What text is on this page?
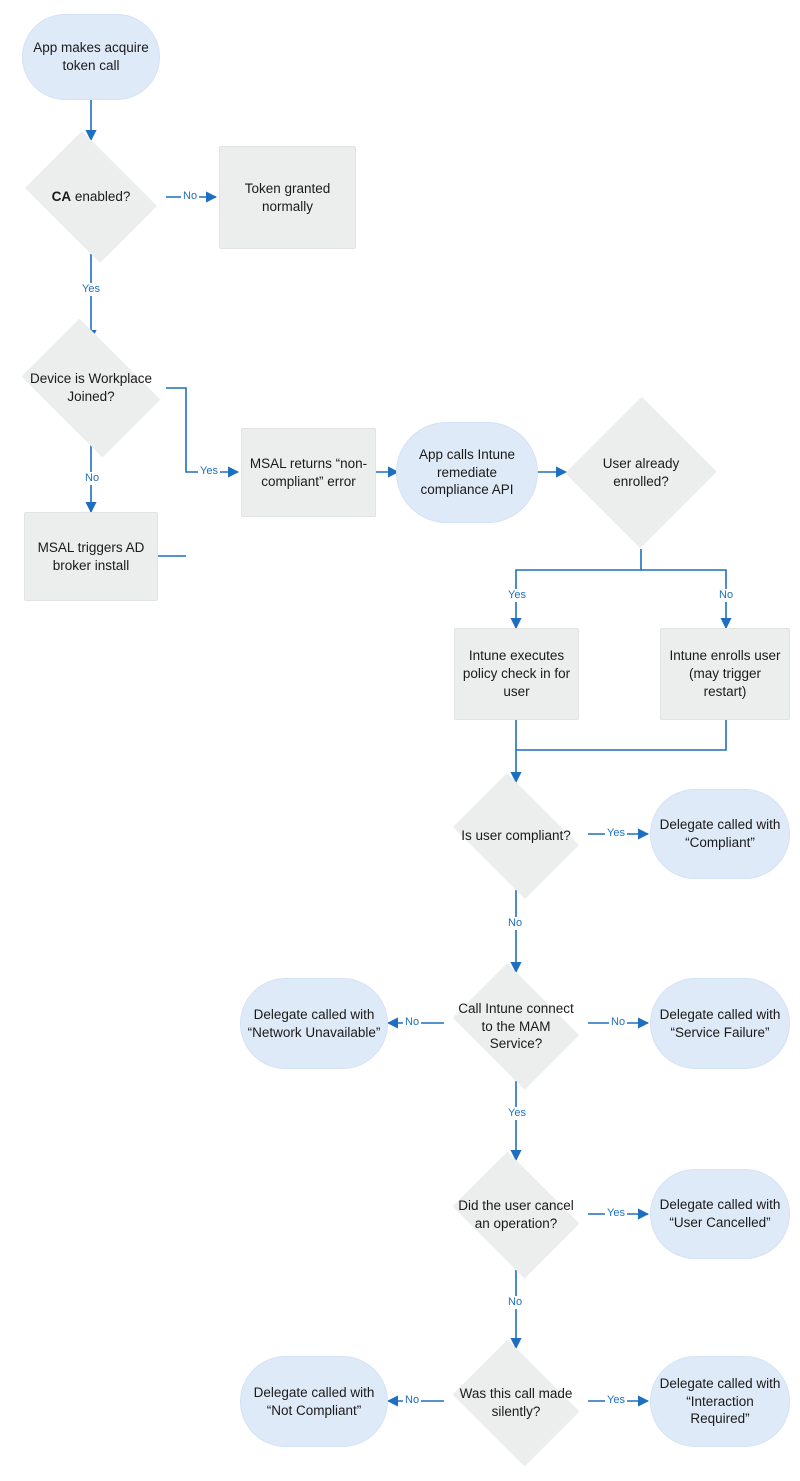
App makes acquire token call
CA enabled?
Token granted normally
Device is Workplace Joined?
MSAL triggers AD broker install
MSAL returns “non-compliant” error
App calls Intune remediate compliance API
User already enrolled?
Intune executes policy check in for user
Intune enrolls user (may trigger restart)
Is user compliant?
Delegate called with “Compliant”
Call Intune connect to the MAM Service?
Delegate called with “Network Unavailable”
Delegate called with “Service Failure”
Did the user cancel an operation?
Delegate called with “User Cancelled”
Was this call made silently?
Delegate called with “Not Compliant”
Delegate called with “Interaction Required”
No
Yes
No
Yes
Yes	No
Yes
No
No	No
Yes
Yes
No
No	Yes
